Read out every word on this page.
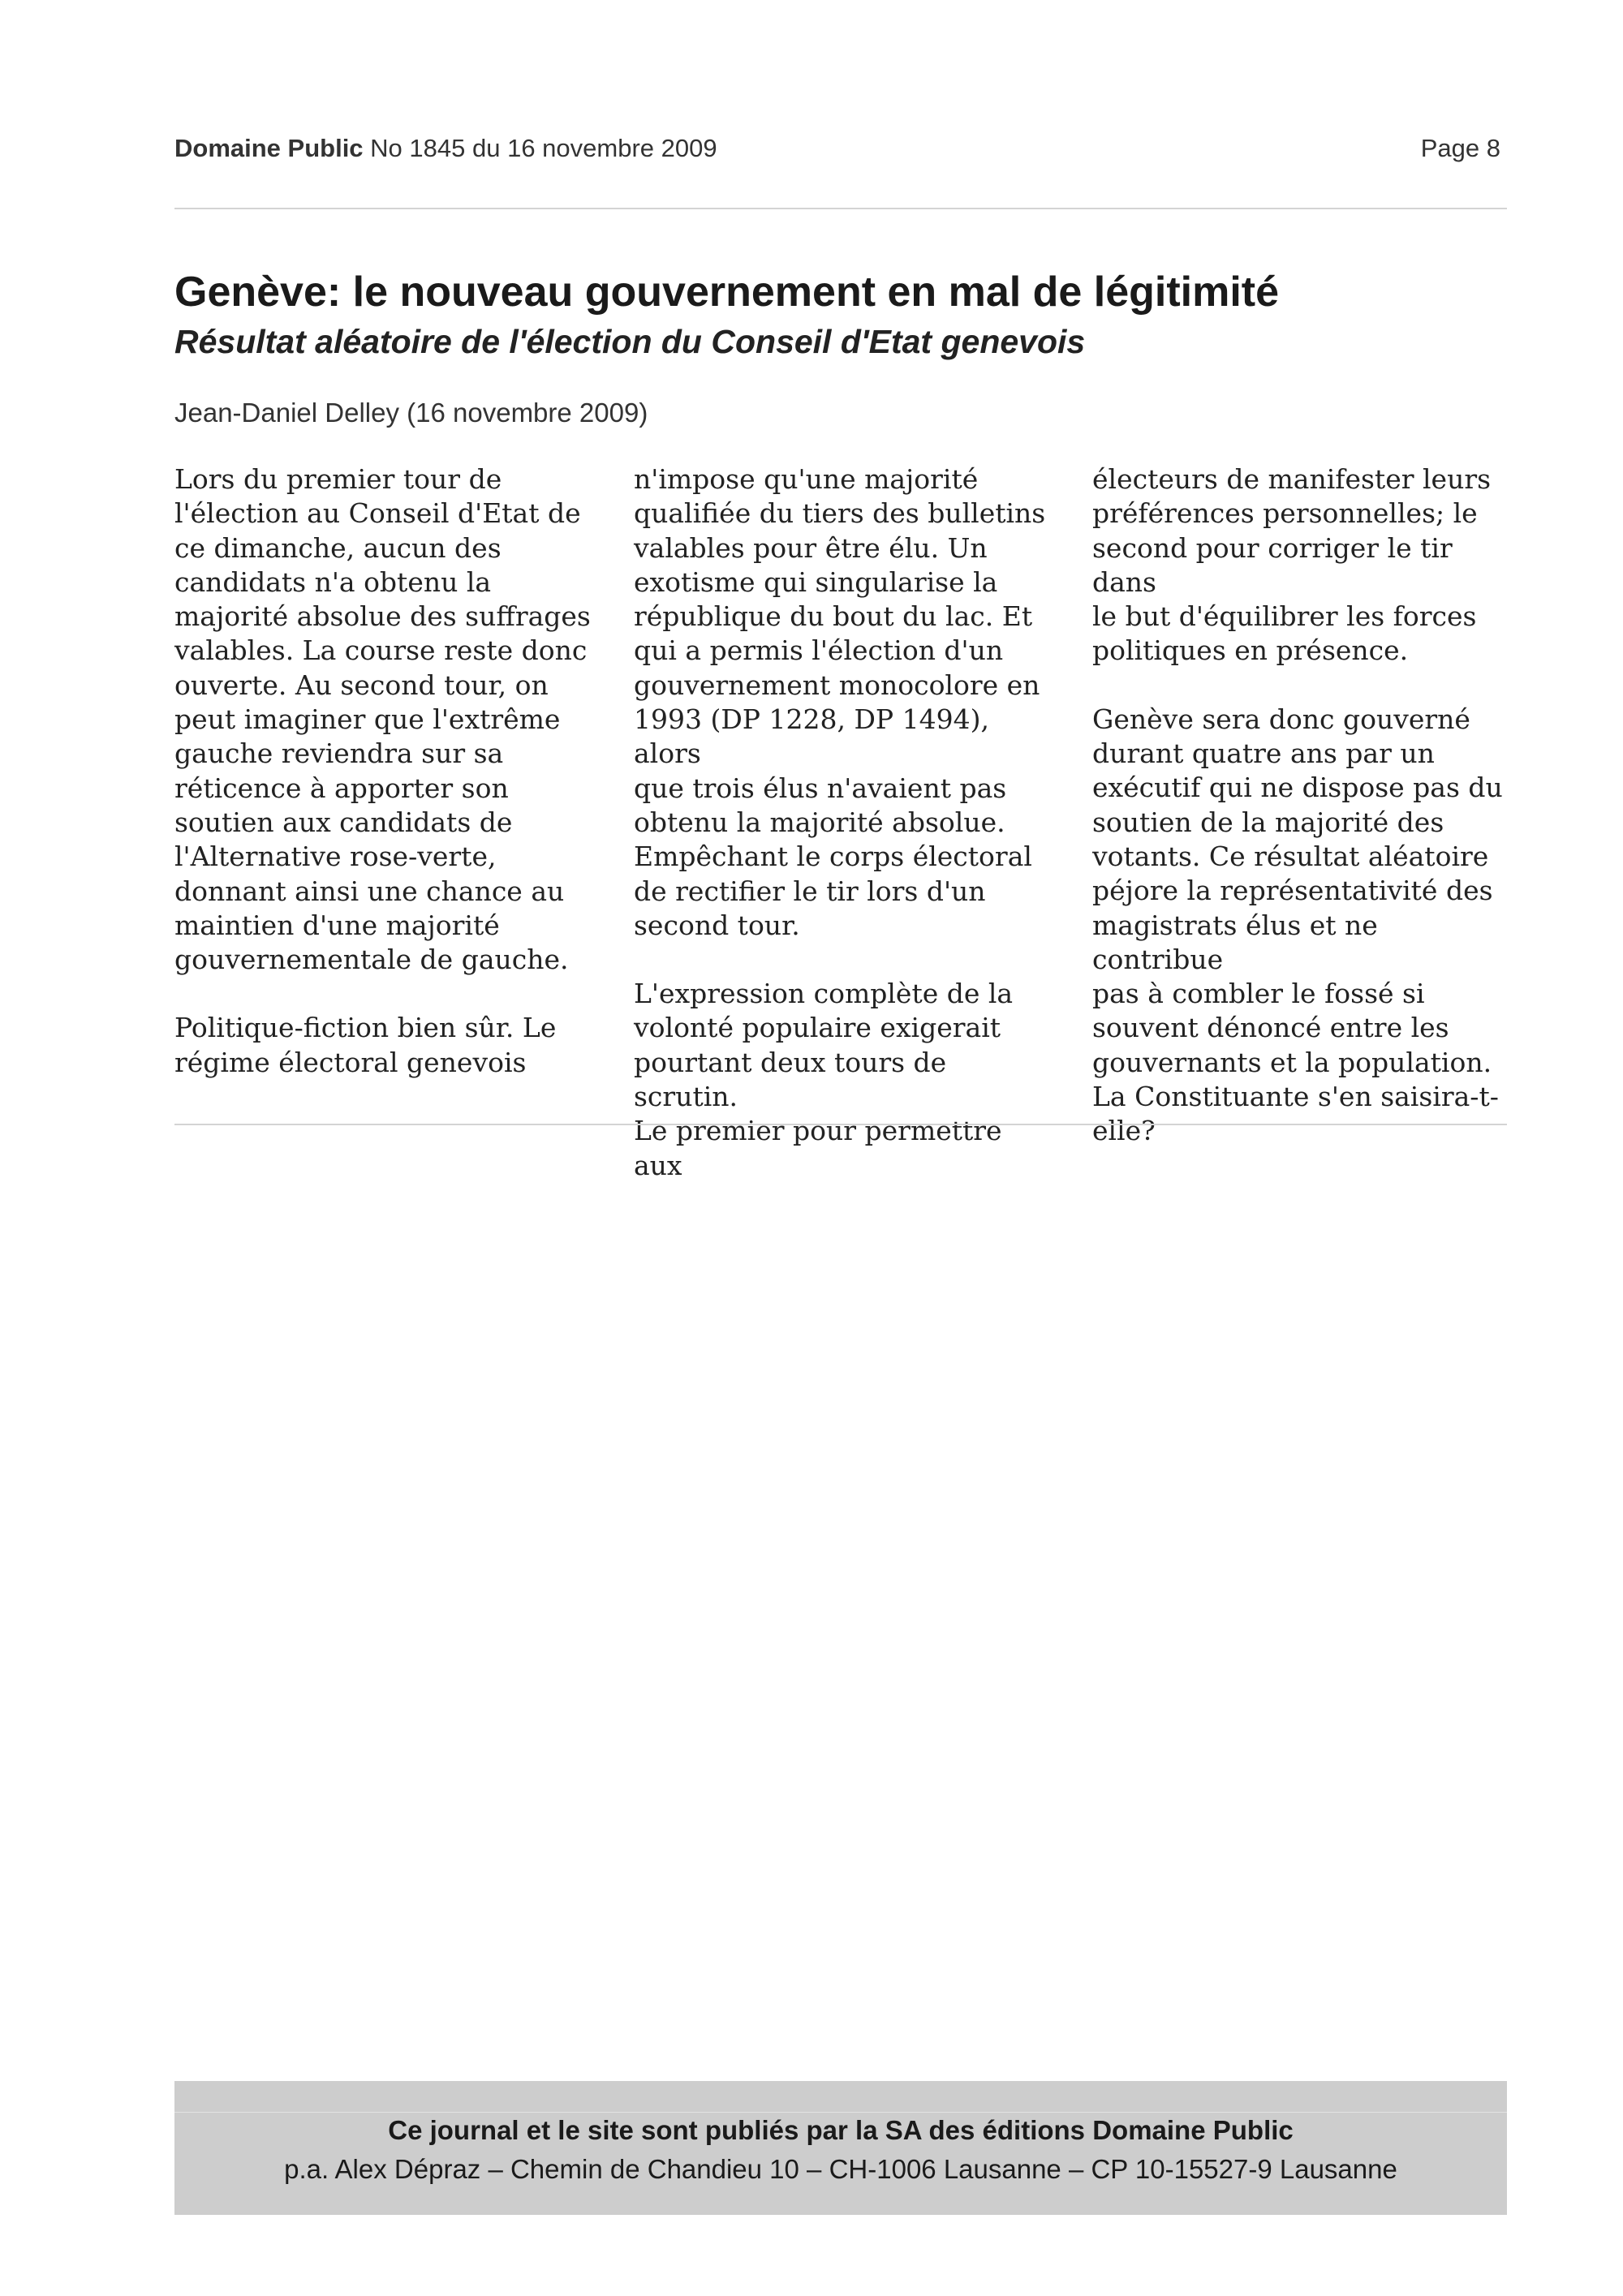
Domaine Public No 1845 du 16 novembre 2009	Page 8
Genève: le nouveau gouvernement en mal de légitimité
Résultat aléatoire de l'élection du Conseil d'Etat genevois
Jean-Daniel Delley (16 novembre 2009)

Lors du premier tour de
l'élection au Conseil d'Etat de
ce dimanche, aucun des
candidats n'a obtenu la
majorité absolue des suffrages
valables. La course reste donc
ouverte. Au second tour, on
peut imaginer que l'extrême
gauche reviendra sur sa
réticence à apporter son
soutien aux candidats de
l'Alternative rose-verte,
donnant ainsi une chance au
maintien d'une majorité
gouvernementale de gauche.

Politique-fiction bien sûr. Le
régime électoral genevois

n'impose qu'une majorité
qualifiée du tiers des bulletins
valables pour être élu. Un
exotisme qui singularise la
république du bout du lac. Et
qui a permis l'élection d'un
gouvernement monocolore en
1993 (DP 1228, DP 1494), alors
que trois élus n'avaient pas
obtenu la majorité absolue.
Empêchant le corps électoral
de rectifier le tir lors d'un
second tour.

L'expression complète de la
volonté populaire exigerait
pourtant deux tours de scrutin.
Le premier pour permettre aux

électeurs de manifester leurs
préférences personnelles; le
second pour corriger le tir dans
le but d'équilibrer les forces
politiques en présence.

Genève sera donc gouverné
durant quatre ans par un
exécutif qui ne dispose pas du
soutien de la majorité des
votants. Ce résultat aléatoire
péjore la représentativité des
magistrats élus et ne contribue
pas à combler le fossé si
souvent dénoncé entre les
gouvernants et la population.
La Constituante s'en saisira-t-
elle?

Ce journal et le site sont publiés par la SA des éditions Domaine Public
p.a. Alex Dépraz – Chemin de Chandieu 10 – CH-1006 Lausanne – CP 10-15527-9 Lausanne
